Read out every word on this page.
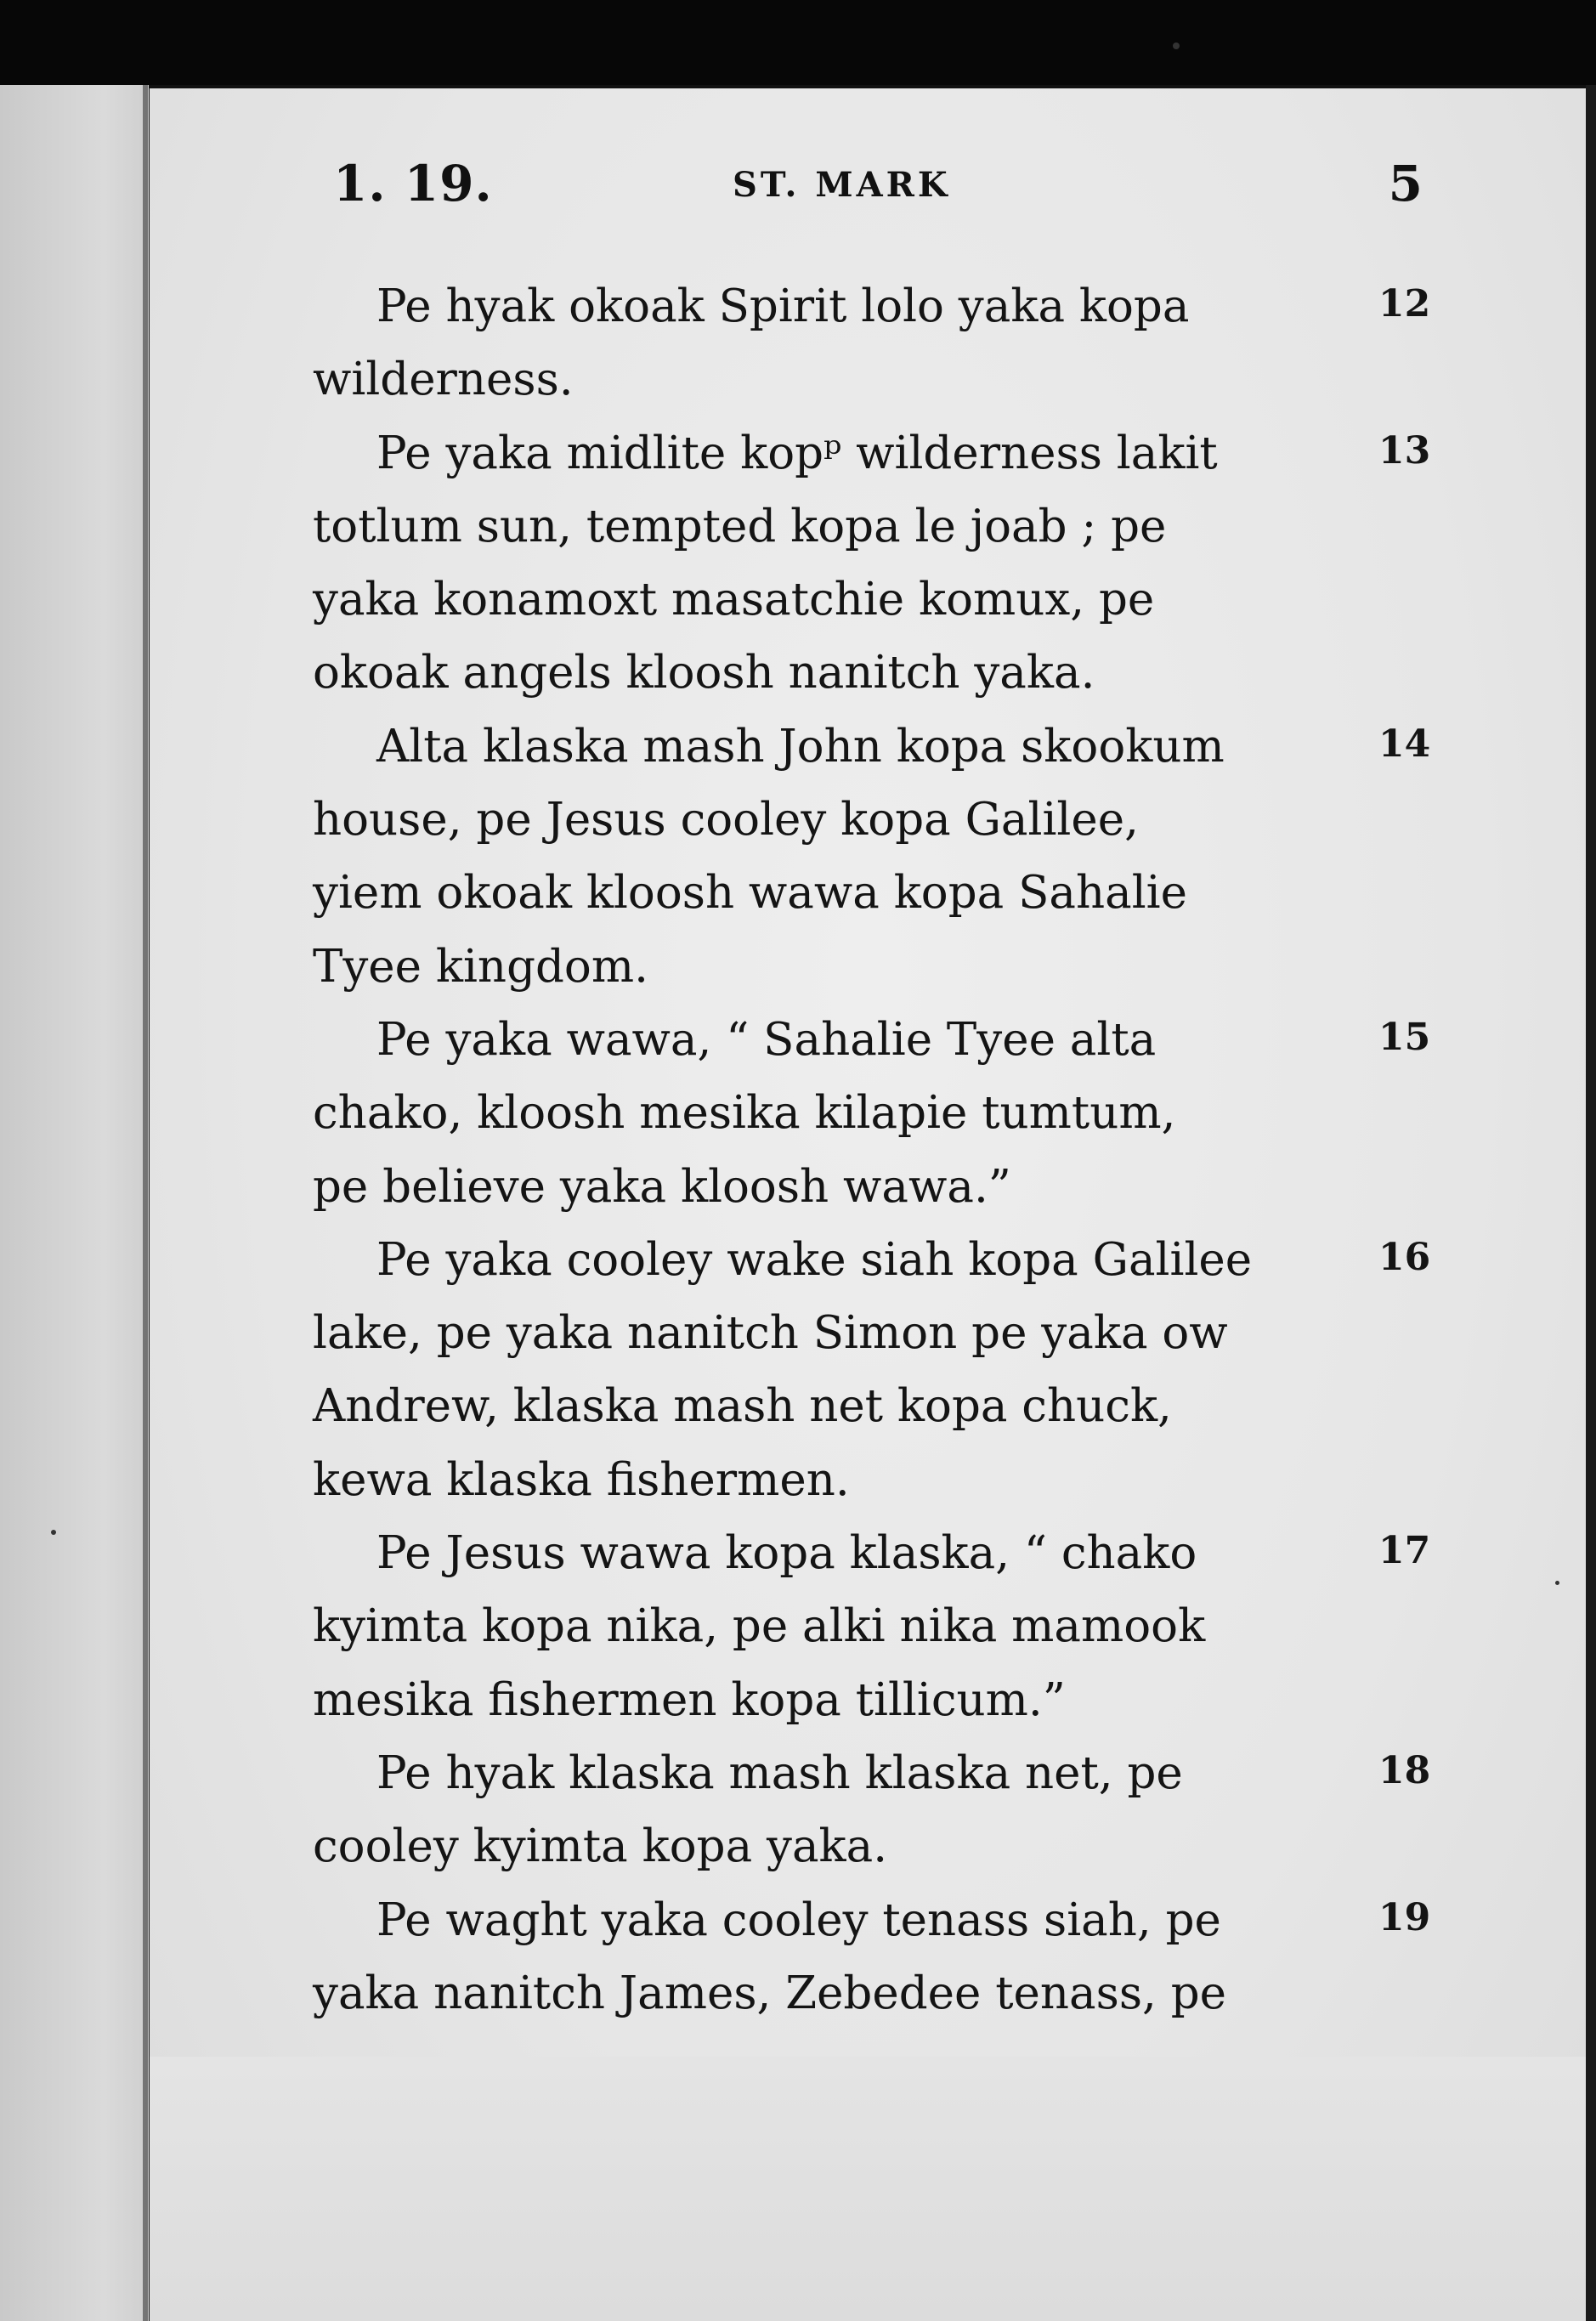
1. 19.	ST. MARK	5
Pe hyak okoak Spirit lolo yaka kopa
wilderness.
Pe yaka midlite kopᵖ wilderness lakit
totlum sun, tempted kopa le joab ; pe
yaka konamoxt masatchie komux, pe
okoak angels kloosh nanitch yaka.
Alta klaska mash John kopa skookum
house, pe Jesus cooley kopa Galilee,
yiem okoak kloosh wawa kopa Sahalie
Tyee kingdom.
Pe yaka wawa, “ Sahalie Tyee alta
chako, kloosh mesika kilapie tumtum,
pe believe yaka kloosh wawa.”
Pe yaka cooley wake siah kopa Galilee
lake, pe yaka nanitch Simon pe yaka ow
Andrew, klaska mash net kopa chuck,
kewa klaska fishermen.
Pe Jesus wawa kopa klaska, “ chako
kyimta kopa nika, pe alki nika mamook
mesika fishermen kopa tillicum.”
Pe hyak klaska mash klaska net, pe
cooley kyimta kopa yaka.
Pe waght yaka cooley tenass siah, pe
yaka nanitch James, Zebedee tenass, pe
12
13
14
15
16
17
18
19
